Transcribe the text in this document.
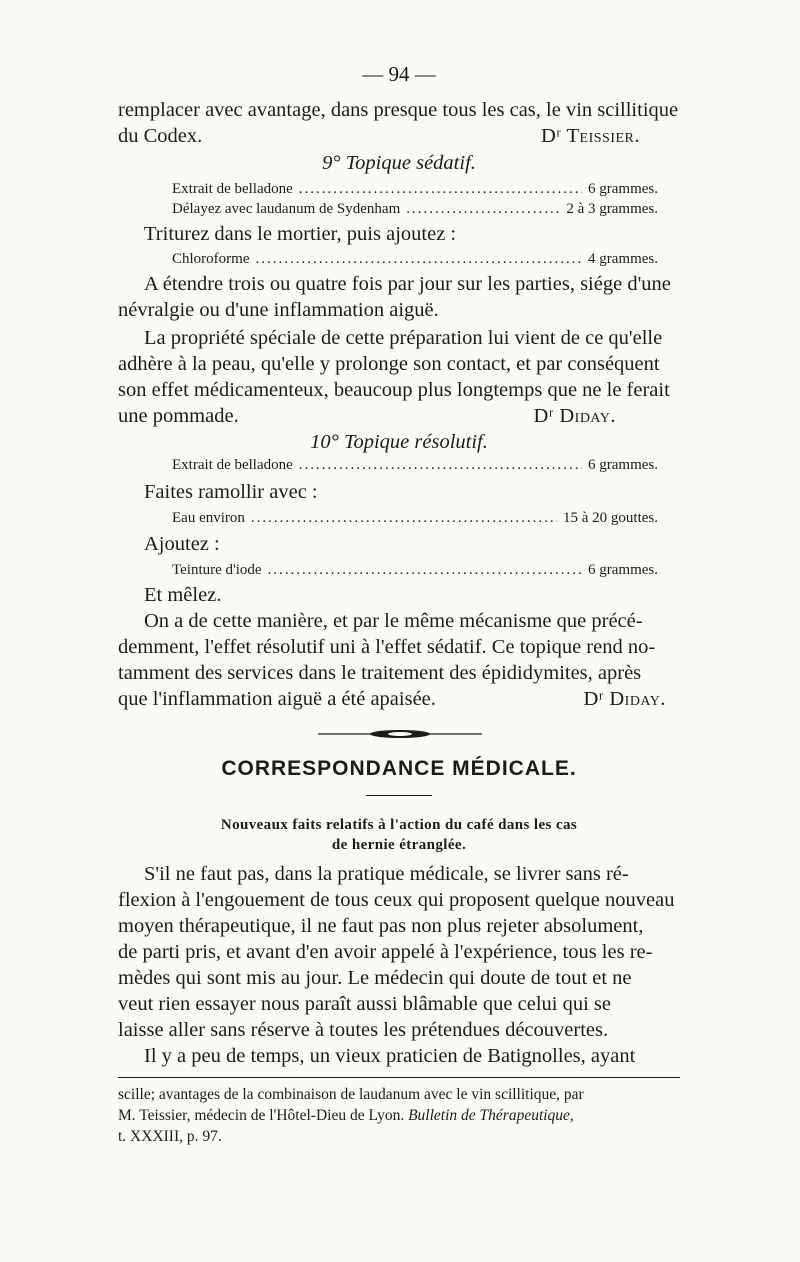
— 94 —
remplacer avec avantage, dans presque tous les cas, le vin scillitique
du Codex.	Dʳ Teissier.
9° Topique sédatif.
Extrait de belladone .....	6 grammes.
Délayez avec laudanum de Sydenham .....	2 à 3 grammes.
Triturez dans le mortier, puis ajoutez :
Chloroforme .....	4 grammes.
A étendre trois ou quatre fois par jour sur les parties, siége d'une
névralgie ou d'une inflammation aiguë.
La propriété spéciale de cette préparation lui vient de ce qu'elle
adhère à la peau, qu'elle y prolonge son contact, et par conséquent
son effet médicamenteux, beaucoup plus longtemps que ne le ferait
une pommade.	Dʳ Diday.
10° Topique résolutif.
Extrait de belladone .....	6 grammes.
Faites ramollir avec :
Eau environ .....	15 à 20 gouttes.
Ajoutez :
Teinture d'iode .....	6 grammes.
Et mêlez.
On a de cette manière, et par le même mécanisme que précé-
demment, l'effet résolutif uni à l'effet sédatif. Ce topique rend no-
tamment des services dans le traitement des épididymites, après
que l'inflammation aiguë a été apaisée.	Dʳ Diday.
CORRESPONDANCE MÉDICALE.
Nouveaux faits relatifs à l'action du café dans les cas
de hernie étranglée.
S'il ne faut pas, dans la pratique médicale, se livrer sans ré-
flexion à l'engouement de tous ceux qui proposent quelque nouveau
moyen thérapeutique, il ne faut pas non plus rejeter absolument,
de parti pris, et avant d'en avoir appelé à l'expérience, tous les re-
mèdes qui sont mis au jour. Le médecin qui doute de tout et ne
veut rien essayer nous paraît aussi blâmable que celui qui se
laisse aller sans réserve à toutes les prétendues découvertes.
Il y a peu de temps, un vieux praticien de Batignolles, ayant
scille; avantages de la combinaison de laudanum avec le vin scillitique, par
M. Teissier, médecin de l'Hôtel-Dieu de Lyon. Bulletin de Thérapeutique,
t. XXXIII, p. 97.
